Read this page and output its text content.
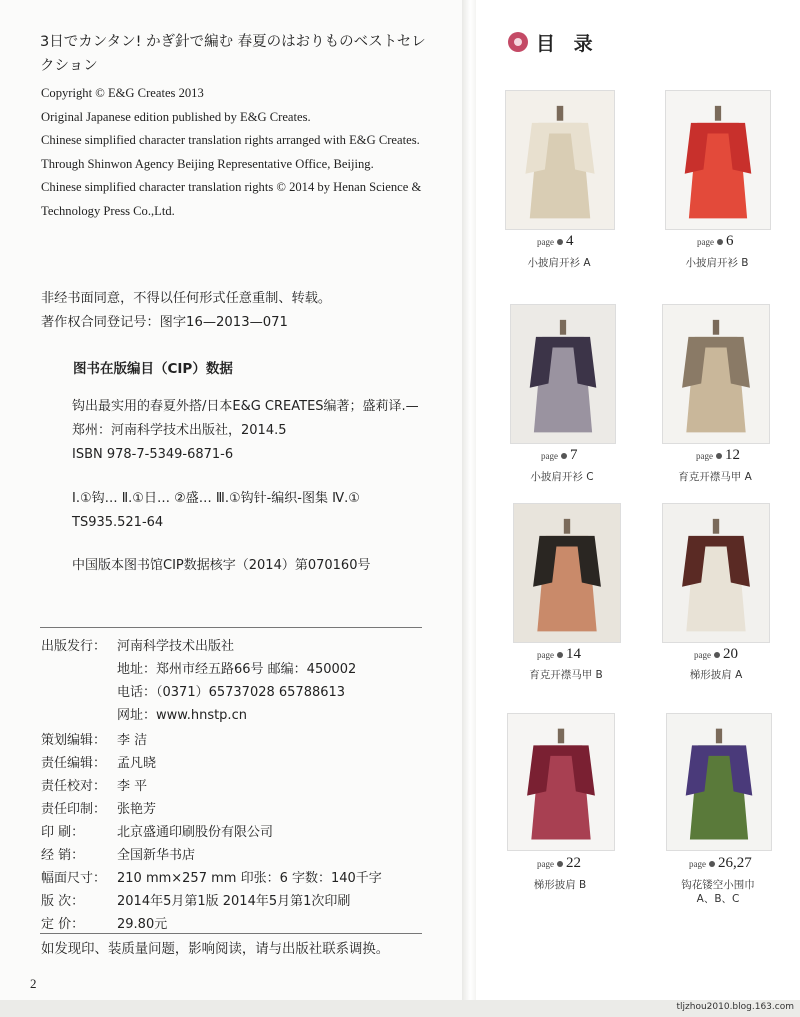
3日でカンタン! かぎ針で編む 春夏のはおりものベストセレクション

Copyright © E&G Creates 2013

Original Japanese edition published by E&G Creates.

Chinese simplified character translation rights arranged with E&G Creates.

Through Shinwon Agency Beijing Representative Office, Beijing.

Chinese simplified character translation rights © 2014 by Henan Science & Technology Press Co.,Ltd.

非经书面同意，不得以任何形式任意重制、转载。

著作权合同登记号：图字16—2013—071

图书在版编目（CIP）数据

钩出最实用的春夏外搭/日本E&G CREATES编著；盛莉译.—郑州：河南科学技术出版社，2014.5

ISBN 978-7-5349-6871-6

Ⅰ.①钩… Ⅱ.①日… ②盛… Ⅲ.①钩针-编织-图集 Ⅳ.① TS935.521-64

中国版本图书馆CIP数据核字（2014）第070160号
出版发行： 河南科学技术出版社
地址：郑州市经五路66号 邮编：450002
电话：（0371）65737028 65788613
网址：www.hnstp.cn
策划编辑： 李 洁
责任编辑： 孟凡晓
责任校对： 李 平
责任印制： 张艳芳
印 刷：	北京盛通印刷股份有限公司
经 销：	全国新华书店
幅面尺寸： 210 mm×257 mm 印张：6 字数：140千字
版 次：	2014年5月第1版 2014年5月第1次印刷
定 价：	29.80元
如发现印、装质量问题，影响阅读，请与出版社联系调换。
2
目 录
page 4
小披肩开衫 A
page 6
小披肩开衫 B
page 7
小披肩开衫 C
page 12
育克开襟马甲 A
page 14
育克开襟马甲 B
page 20
梯形披肩 A
page 22
梯形披肩 B
page 26,27
钩花镂空小围巾 A、B、C
tljzhou2010.blog.163.com
